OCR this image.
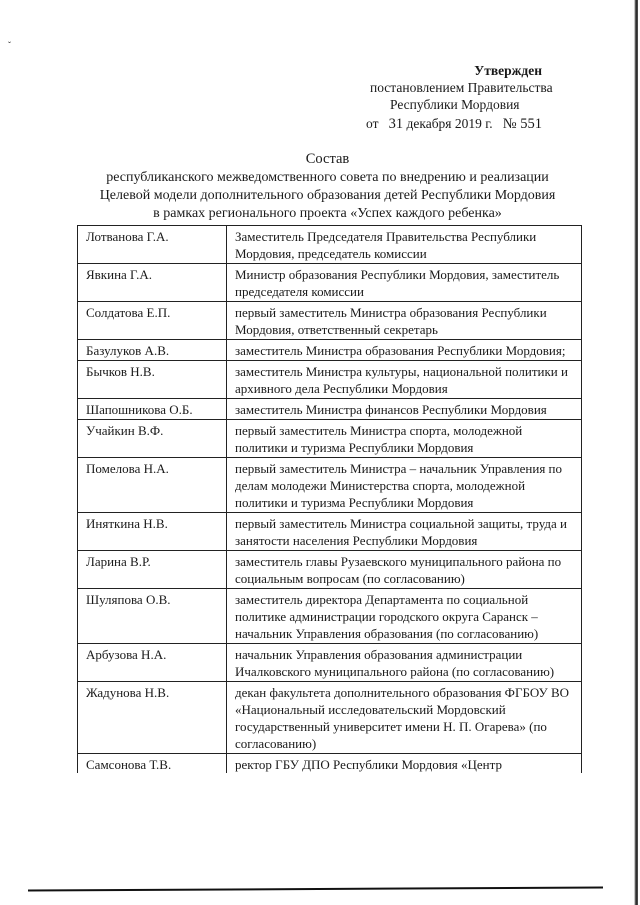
ˇ
Утвержден
постановлением Правительства
Республики Мордовия
от 31 декабря 2019 г. № 551
Состав
республиканского межведомственного совета по внедрению и реализации
Целевой модели дополнительного образования детей Республики Мордовия
в рамках регионального проекта «Успех каждого ребенка»
Лотванова Г.А.	Заместитель Председателя Правительства Республики Мордовия, председатель комиссии
Явкина Г.А.	Министр образования Республики Мордовия, заместитель председателя комиссии
Солдатова Е.П.	первый заместитель Министра образования Республики Мордовия, ответственный секретарь
Базулуков А.В.	заместитель Министра образования Республики Мордовия;
Бычков Н.В.	заместитель Министра культуры, национальной политики и архивного дела Республики Мордовия
Шапошникова О.Б.	заместитель Министра финансов Республики Мордовия
Учайкин В.Ф.	первый заместитель Министра спорта, молодежной политики и туризма Республики Мордовия
Помелова Н.А.	первый заместитель Министра – начальник Управления по делам молодежи Министерства спорта, молодежной политики и туризма Республики Мордовия
Иняткина Н.В.	первый заместитель Министра социальной защиты, труда и занятости населения Республики Мордовия
Ларина В.Р.	заместитель главы Рузаевского муниципального района по социальным вопросам (по согласованию)
Шуляпова О.В.	заместитель директора Департамента по социальной политике администрации городского округа Саранск – начальник Управления образования (по согласованию)
Арбузова Н.А.	начальник Управления образования администрации Ичалковского муниципального района (по согласованию)
Жадунова Н.В.	декан факультета дополнительного образования ФГБОУ ВО «Национальный исследовательский Мордовский государственный университет имени Н. П. Огарева» (по согласованию)
Самсонова Т.В.	ректор ГБУ ДПО Республики Мордовия «Центр
